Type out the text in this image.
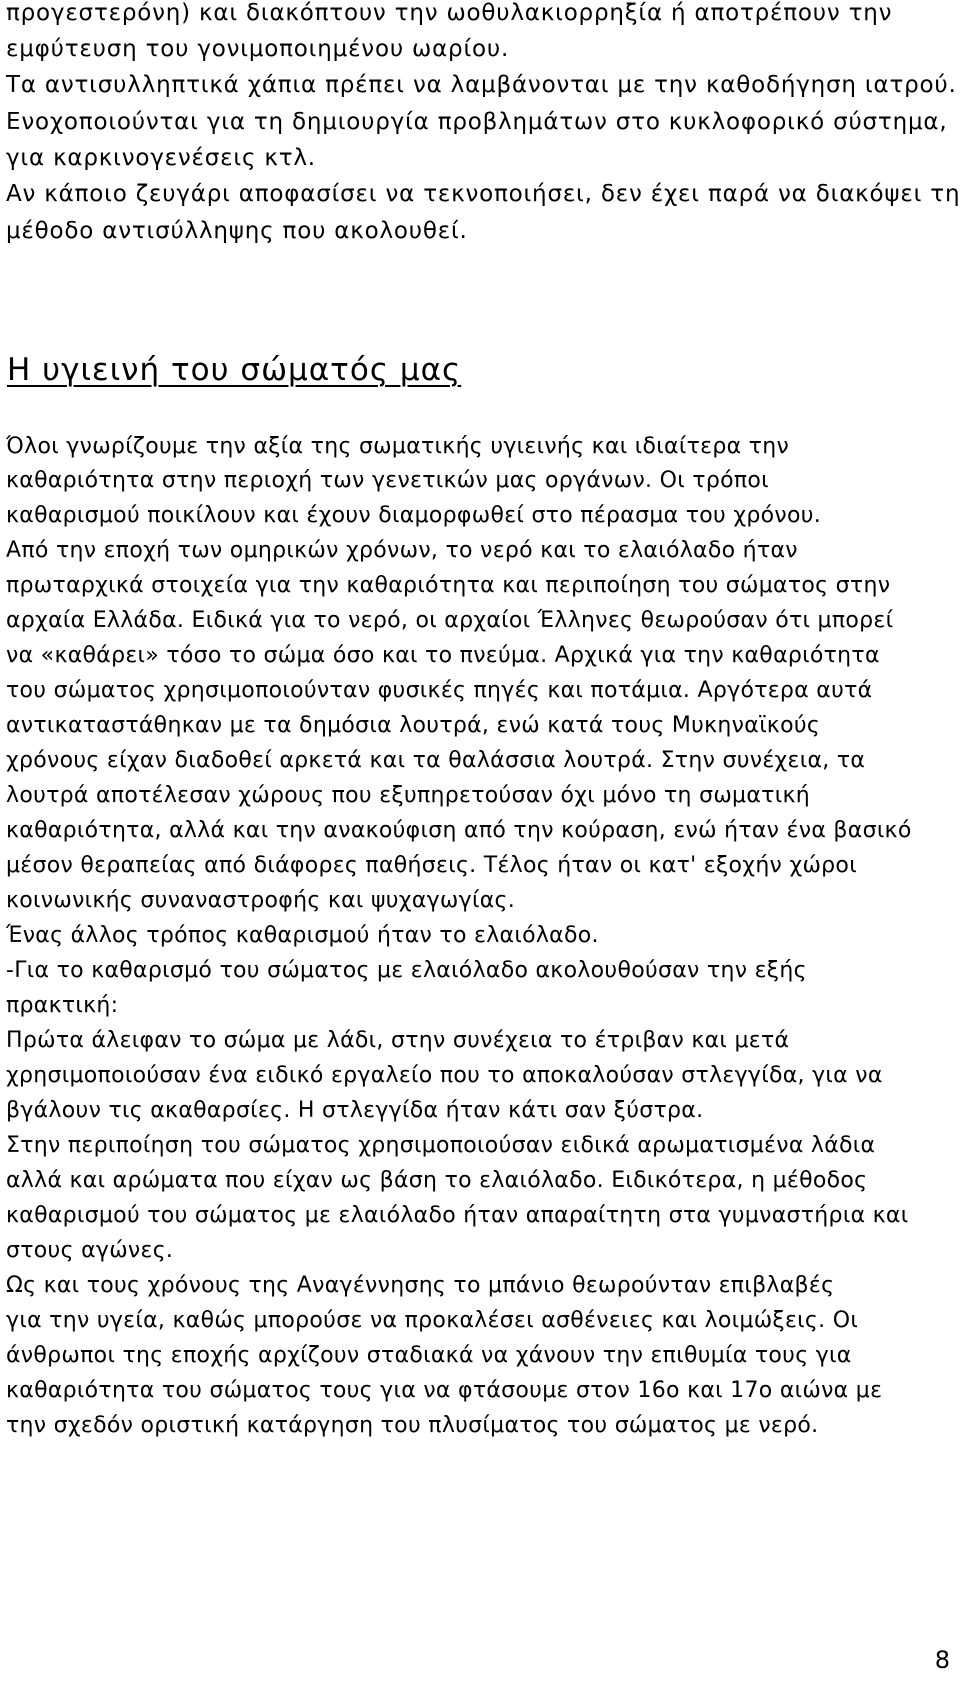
προγεστερόνη) και διακόπτουν την ωοθυλακιορρηξία ή αποτρέπουν την
εμφύτευση του γονιμοποιημένου ωαρίου.
Τα αντισυλληπτικά χάπια πρέπει να λαμβάνονται με την καθοδήγηση ιατρού.
Ενοχοποιούνται για τη δημιουργία προβλημάτων στο κυκλοφορικό σύστημα,
για καρκινογενέσεις κτλ.
Αν κάποιο ζευγάρι αποφασίσει να τεκνοποιήσει, δεν έχει παρά να διακόψει τη
μέθοδο αντισύλληψης που ακολουθεί.
Η υγιεινή του σώματός μας
Όλοι γνωρίζουμε την αξία της σωματικής υγιεινής και ιδιαίτερα την
καθαριότητα στην περιοχή των γενετικών μας οργάνων. Οι τρόποι
καθαρισμού ποικίλουν και έχουν διαμορφωθεί στο πέρασμα του χρόνου.
Από την εποχή των ομηρικών χρόνων, το νερό και το ελαιόλαδο ήταν
πρωταρχικά στοιχεία για την καθαριότητα και περιποίηση του σώματος στην
αρχαία Ελλάδα. Ειδικά για το νερό, οι αρχαίοι Έλληνες θεωρούσαν ότι μπορεί
να «καθάρει» τόσο το σώμα όσο και το πνεύμα. Αρχικά για την καθαριότητα
του σώματος χρησιμοποιούνταν φυσικές πηγές και ποτάμια. Αργότερα αυτά
αντικαταστάθηκαν με τα δημόσια λουτρά, ενώ κατά τους Μυκηναϊκούς
χρόνους είχαν διαδοθεί αρκετά και τα θαλάσσια λουτρά. Στην συνέχεια, τα
λουτρά αποτέλεσαν χώρους που εξυπηρετούσαν όχι μόνο τη σωματική
καθαριότητα, αλλά και την ανακούφιση από την κούραση, ενώ ήταν ένα βασικό
μέσον θεραπείας από διάφορες παθήσεις. Τέλος ήταν οι κατ' εξοχήν χώροι
κοινωνικής συναναστροφής και ψυχαγωγίας.
Ένας άλλος τρόπος καθαρισμού ήταν το ελαιόλαδο.
-Για το καθαρισμό του σώματος με ελαιόλαδο ακολουθούσαν την εξής
πρακτική:
Πρώτα άλειφαν το σώμα με λάδι, στην συνέχεια το έτριβαν και μετά
χρησιμοποιούσαν ένα ειδικό εργαλείο που το αποκαλούσαν στλεγγίδα, για να
βγάλουν τις ακαθαρσίες. Η στλεγγίδα ήταν κάτι σαν ξύστρα.
Στην περιποίηση του σώματος χρησιμοποιούσαν ειδικά αρωματισμένα λάδια
αλλά και αρώματα που είχαν ως βάση το ελαιόλαδο. Ειδικότερα, η μέθοδος
καθαρισμού του σώματος με ελαιόλαδο ήταν απαραίτητη στα γυμναστήρια και
στους αγώνες.
Ως και τους χρόνους της Αναγέννησης το μπάνιο θεωρούνταν επιβλαβές
για την υγεία, καθώς μπορούσε να προκαλέσει ασθένειες και λοιμώξεις. Οι
άνθρωποι της εποχής αρχίζουν σταδιακά να χάνουν την επιθυμία τους για
καθαριότητα του σώματος τους για να φτάσουμε στον 16ο και 17ο αιώνα με
την σχεδόν οριστική κατάργηση του πλυσίματος του σώματος με νερό.
8
